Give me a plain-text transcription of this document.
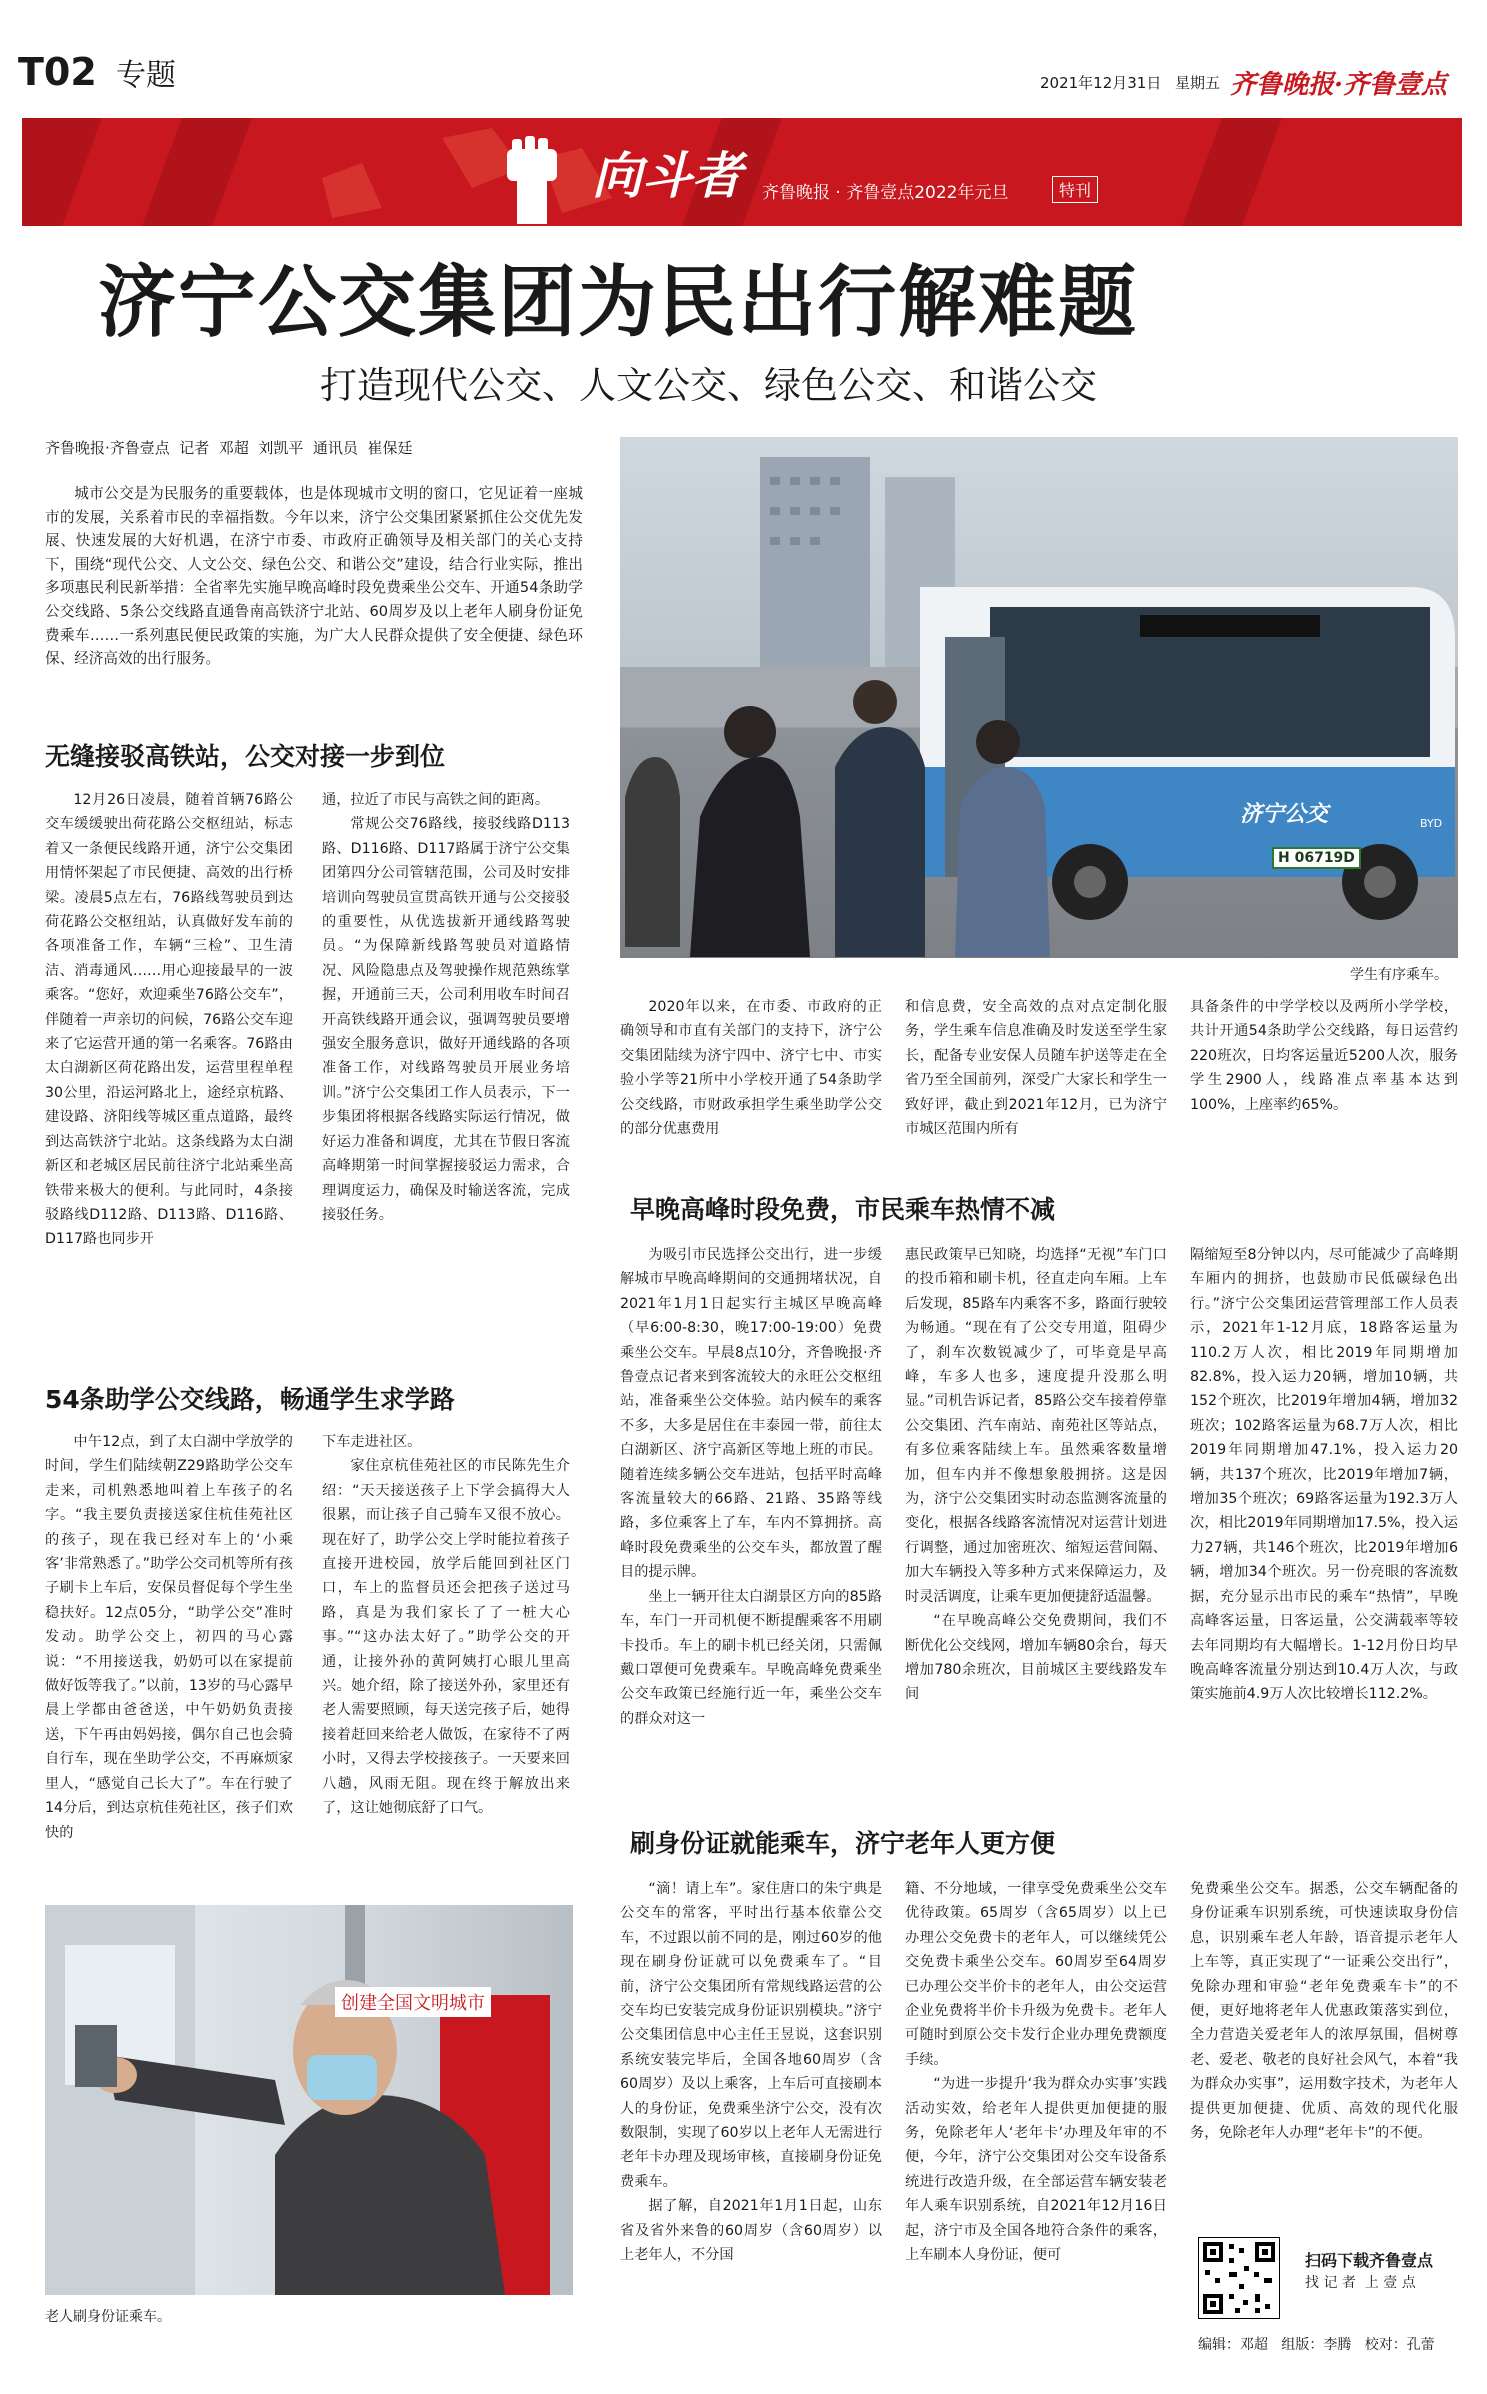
T02 专题	2021年12月31日 星期五 齐鲁晚报·齐鲁壹点
向斗者 齐鲁晚报 · 齐鲁壹点2022年元旦	特刊
济宁公交集团为民出行解难题
打造现代公交、人文公交、绿色公交、和谐公交
齐鲁晚报·齐鲁壹点  记者  邓超  刘凯平  通讯员  崔保廷

城市公交是为民服务的重要载体，也是体现城市文明的窗口，它见证着一座城市的发展，关系着市民的幸福指数。今年以来，济宁公交集团紧紧抓住公交优先发展、快速发展的大好机遇，在济宁市委、市政府正确领导及相关部门的关心支持下，围绕“现代公交、人文公交、绿色公交、和谐公交”建设，结合行业实际，推出多项惠民利民新举措：全省率先实施早晚高峰时段免费乘坐公交车、开通54条助学公交线路、5条公交线路直通鲁南高铁济宁北站、60周岁及以上老年人刷身份证免费乘车……一系列惠民便民政策的实施，为广大人民群众提供了安全便捷、绿色环保、经济高效的出行服务。

济宁公交	BYD
H 06719D
学生有序乘车。
无缝接驳高铁站，公交对接一步到位

12月26日凌晨，随着首辆76路公交车缓缓驶出荷花路公交枢纽站，标志着又一条便民线路开通，济宁公交集团用情怀架起了市民便捷、高效的出行桥梁。凌晨5点左右，76路线驾驶员到达荷花路公交枢纽站，认真做好发车前的各项准备工作，车辆“三检”、卫生清洁、消毒通风……用心迎接最早的一波乘客。“您好，欢迎乘坐76路公交车”，伴随着一声亲切的问候，76路公交车迎来了它运营开通的第一名乘客。76路由太白湖新区荷花路出发，运营里程单程30公里，沿运河路北上，途经京杭路、建设路、济阳线等城区重点道路，最终到达高铁济宁北站。这条线路为太白湖新区和老城区居民前往济宁北站乘坐高铁带来极大的便利。与此同时，4条接驳路线D112路、D113路、D116路、D117路也同步开

通，拉近了市民与高铁之间的距离。

常规公交76路线，接驳线路D113路、D116路、D117路属于济宁公交集团第四分公司管辖范围，公司及时安排培训向驾驶员宣贯高铁开通与公交接驳的重要性，从优选拔新开通线路驾驶员。“为保障新线路驾驶员对道路情况、风险隐患点及驾驶操作规范熟练掌握，开通前三天，公司利用收车时间召开高铁线路开通会议，强调驾驶员要增强安全服务意识，做好开通线路的各项准备工作，对线路驾驶员开展业务培训。”济宁公交集团工作人员表示，下一步集团将根据各线路实际运行情况，做好运力准备和调度，尤其在节假日客流高峰期第一时间掌握接驳运力需求，合理调度运力，确保及时输送客流，完成接驳任务。

54条助学公交线路，畅通学生求学路

中午12点，到了太白湖中学放学的时间，学生们陆续朝Z29路助学公交车走来，司机熟悉地叫着上车孩子的名字。“我主要负责接送家住杭佳苑社区的孩子，现在我已经对车上的‘小乘客’非常熟悉了。”助学公交司机等所有孩子刷卡上车后，安保员督促每个学生坐稳扶好。12点05分，“助学公交”准时发动。助学公交上，初四的马心露说：“不用接送我，奶奶可以在家提前做好饭等我了。”以前，13岁的马心露早晨上学都由爸爸送，中午奶奶负责接送，下午再由妈妈接，偶尔自己也会骑自行车，现在坐助学公交，不再麻烦家里人，“感觉自己长大了”。车在行驶了14分后，到达京杭佳苑社区，孩子们欢快的

下车走进社区。

家住京杭佳苑社区的市民陈先生介绍：“天天接送孩子上下学会搞得大人很累，而让孩子自己骑车又很不放心。现在好了，助学公交上学时能拉着孩子直接开进校园，放学后能回到社区门口，车上的监督员还会把孩子送过马路，真是为我们家长了了一桩大心事。”“这办法太好了。”助学公交的开通，让接外孙的黄阿姨打心眼儿里高兴。她介绍，除了接送外孙，家里还有老人需要照顾，每天送完孩子后，她得接着赶回来给老人做饭，在家待不了两小时，又得去学校接孩子。一天要来回八趟，风雨无阻。现在终于解放出来了，这让她彻底舒了口气。

2020年以来，在市委、市政府的正确领导和市直有关部门的支持下，济宁公交集团陆续为济宁四中、济宁七中、市实验小学等21所中小学校开通了54条助学公交线路，市财政承担学生乘坐助学公交的部分优惠费用

和信息费，安全高效的点对点定制化服务，学生乘车信息准确及时发送至学生家长，配备专业安保人员随车护送等走在全省乃至全国前列，深受广大家长和学生一致好评，截止到2021年12月，已为济宁市城区范围内所有

具备条件的中学学校以及两所小学学校，共计开通54条助学公交线路，每日运营约220班次，日均客运量近5200人次，服务学生2900人，线路准点率基本达到100%，上座率约65%。

早晚高峰时段免费，市民乘车热情不减

为吸引市民选择公交出行，进一步缓解城市早晚高峰期间的交通拥堵状况，自2021年1月1日起实行主城区早晚高峰（早6:00-8:30，晚17:00-19:00）免费乘坐公交车。早晨8点10分，齐鲁晚报·齐鲁壹点记者来到客流较大的永旺公交枢纽站，准备乘坐公交体验。站内候车的乘客不多，大多是居住在丰泰园一带，前往太白湖新区、济宁高新区等地上班的市民。随着连续多辆公交车进站，包括平时高峰客流量较大的66路、21路、35路等线路，多位乘客上了车，车内不算拥挤。高峰时段免费乘坐的公交车头，都放置了醒目的提示牌。

坐上一辆开往太白湖景区方向的85路车，车门一开司机便不断提醒乘客不用刷卡投币。车上的刷卡机已经关闭，只需佩戴口罩便可免费乘车。早晚高峰免费乘坐公交车政策已经施行近一年，乘坐公交车的群众对这一

惠民政策早已知晓，均选择“无视”车门口的投币箱和刷卡机，径直走向车厢。上车后发现，85路车内乘客不多，路面行驶较为畅通。“现在有了公交专用道，阻碍少了，刹车次数锐减少了，可毕竟是早高峰，车多人也多，速度提升没那么明显。”司机告诉记者，85路公交车接着停靠公交集团、汽车南站、南苑社区等站点，有多位乘客陆续上车。虽然乘客数量增加，但车内并不像想象般拥挤。这是因为，济宁公交集团实时动态监测客流量的变化，根据各线路客流情况对运营计划进行调整，通过加密班次、缩短运营间隔、加大车辆投入等多种方式来保障运力，及时灵活调度，让乘车更加便捷舒适温馨。

“在早晚高峰公交免费期间，我们不断优化公交线网，增加车辆80余台，每天增加780余班次，目前城区主要线路发车间

隔缩短至8分钟以内，尽可能减少了高峰期车厢内的拥挤，也鼓励市民低碳绿色出行。”济宁公交集团运营管理部工作人员表示，2021年1-12月底，18路客运量为110.2万人次，相比2019年同期增加82.8%，投入运力20辆，增加10辆，共152个班次，比2019年增加4辆，增加32班次；102路客运量为68.7万人次，相比2019年同期增加47.1%，投入运力20辆，共137个班次，比2019年增加7辆，增加35个班次；69路客运量为192.3万人次，相比2019年同期增加17.5%，投入运力27辆，共146个班次，比2019年增加6辆，增加34个班次。另一份亮眼的客流数据，充分显示出市民的乘车“热情”，早晚高峰客运量，日客运量，公交满载率等较去年同期均有大幅增长。1-12月份日均早晚高峰客流量分别达到10.4万人次，与政策实施前4.9万人次比较增长112.2%。

创建全国文明城市
老人刷身份证乘车。
刷身份证就能乘车，济宁老年人更方便

“滴！请上车”。家住唐口的朱宁典是公交车的常客，平时出行基本依靠公交车，不过跟以前不同的是，刚过60岁的他现在刷身份证就可以免费乘车了。“目前，济宁公交集团所有常规线路运营的公交车均已安装完成身份证识别模块。”济宁公交集团信息中心主任王昱说，这套识别系统安装完毕后，全国各地60周岁（含60周岁）及以上乘客，上车后可直接刷本人的身份证，免费乘坐济宁公交，没有次数限制，实现了60岁以上老年人无需进行老年卡办理及现场审核，直接刷身份证免费乘车。

据了解，自2021年1月1日起，山东省及省外来鲁的60周岁（含60周岁）以上老年人，不分国

籍、不分地域，一律享受免费乘坐公交车优待政策。65周岁（含65周岁）以上已办理公交免费卡的老年人，可以继续凭公交免费卡乘坐公交车。60周岁至64周岁已办理公交半价卡的老年人，由公交运营企业免费将半价卡升级为免费卡。老年人可随时到原公交卡发行企业办理免费额度手续。

“为进一步提升‘我为群众办实事’实践活动实效，给老年人提供更加便捷的服务，免除老年人‘老年卡’办理及年审的不便，今年，济宁公交集团对公交车设备系统进行改造升级，在全部运营车辆安装老年人乘车识别系统，自2021年12月16日起，济宁市及全国各地符合条件的乘客，上车刷本人身份证，便可

免费乘坐公交车。据悉，公交车辆配备的身份证乘车识别系统，可快速读取身份信息，识别乘车老人年龄，语音提示老年人上车等，真正实现了“一证乘公交出行”，免除办理和审验“老年免费乘车卡”的不便，更好地将老年人优惠政策落实到位，全力营造关爱老年人的浓厚氛围，倡树尊老、爱老、敬老的良好社会风气，本着“我为群众办实事”，运用数字技术，为老年人提供更加便捷、优质、高效的现代化服务，免除老年人办理“老年卡”的不便。

扫码下载齐鲁壹点
找 记 者  上 壹 点
编辑：邓超   组版：李腾   校对：孔蕾
